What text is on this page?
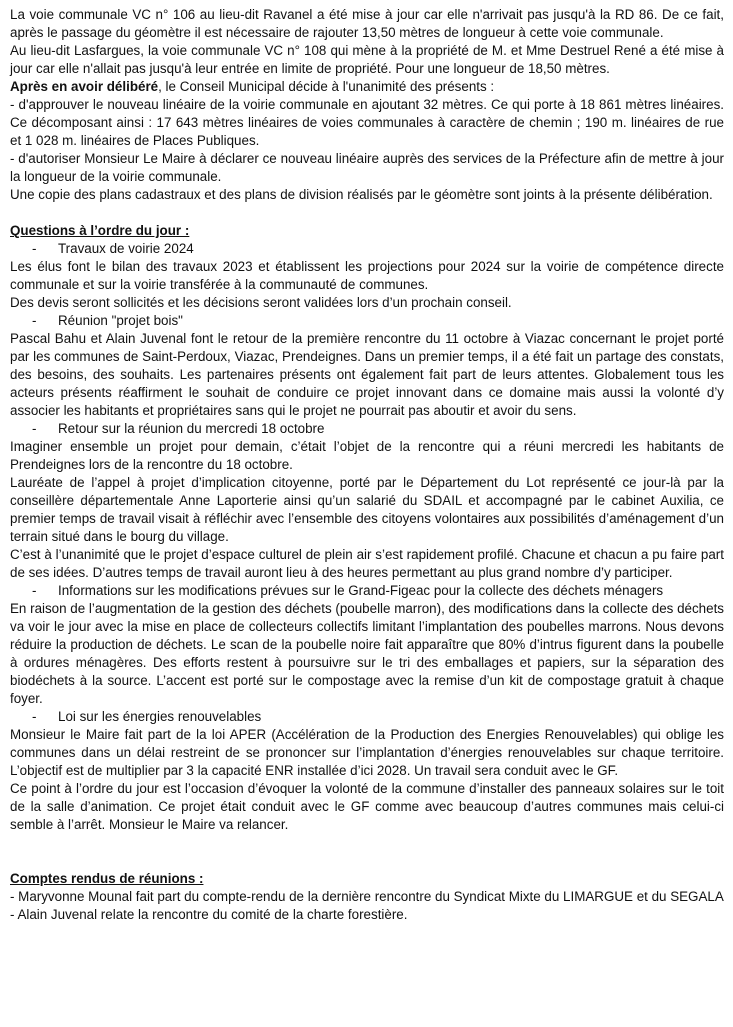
La voie communale VC n° 106 au lieu-dit Ravanel a été mise à jour car elle n'arrivait pas jusqu'à la RD 86. De ce fait, après le passage du géomètre il est nécessaire de rajouter 13,50 mètres de longueur à cette voie communale.

Au lieu-dit Lasfargues, la voie communale VC n° 108 qui mène à la propriété de M. et Mme Destruel René a été mise à jour car elle n'allait pas jusqu'à leur entrée en limite de propriété. Pour une longueur de 18,50 mètres.

Après en avoir délibéré, le Conseil Municipal décide à l'unanimité des présents :

- d'approuver le nouveau linéaire de la voirie communale en ajoutant 32 mètres. Ce qui porte à 18 861 mètres linéaires. Ce décomposant ainsi : 17 643 mètres linéaires de voies communales à caractère de chemin ; 190 m. linéaires de rue et 1 028 m. linéaires de Places Publiques.

- d'autoriser Monsieur Le Maire à déclarer ce nouveau linéaire auprès des services de la Préfecture afin de mettre à jour la longueur de la voirie communale.

Une copie des plans cadastraux et des plans de division réalisés par le géomètre sont joints à la présente délibération.

Questions à l’ordre du jour :

- Travaux de voirie 2024

Les élus font le bilan des travaux 2023 et établissent les projections pour 2024 sur la voirie de compétence directe communale et sur la voirie transférée à la communauté de communes.

Des devis seront sollicités et les décisions seront validées lors d’un prochain conseil.

- Réunion "projet bois"

Pascal Bahu et Alain Juvenal font le retour de la première rencontre du 11 octobre à Viazac concernant le projet porté par les communes de Saint-Perdoux, Viazac, Prendeignes. Dans un premier temps, il a été fait un partage des constats, des besoins, des souhaits. Les partenaires présents ont également fait part de leurs attentes. Globalement tous les acteurs présents réaffirment le souhait de conduire ce projet innovant dans ce domaine mais aussi la volonté d’y associer les habitants et propriétaires sans qui le projet ne pourrait pas aboutir et avoir du sens.

- Retour sur la réunion du mercredi 18 octobre

Imaginer ensemble un projet pour demain, c’était l’objet de la rencontre qui a réuni mercredi les habitants de Prendeignes lors de la rencontre du 18 octobre.

Lauréate de l’appel à projet d’implication citoyenne, porté par le Département du Lot représenté ce jour-là par la conseillère départementale Anne Laporterie ainsi qu’un salarié du SDAIL et accompagné par le cabinet Auxilia, ce premier temps de travail visait à réfléchir avec l’ensemble des citoyens volontaires aux possibilités d’aménagement d’un terrain situé dans le bourg du village.

C’est à l’unanimité que le projet d’espace culturel de plein air s’est rapidement profilé. Chacune et chacun a pu faire part de ses idées. D’autres temps de travail auront lieu à des heures permettant au plus grand nombre d’y participer.

- Informations sur les modifications prévues sur le Grand-Figeac pour la collecte des déchets ménagers

En raison de l’augmentation de la gestion des déchets (poubelle marron), des modifications dans la collecte des déchets va voir le jour avec la mise en place de collecteurs collectifs limitant l’implantation des poubelles marrons. Nous devons réduire la production de déchets. Le scan de la poubelle noire fait apparaître que 80% d’intrus figurent dans la poubelle à ordures ménagères. Des efforts restent à poursuivre sur le tri des emballages et papiers, sur la séparation des biodéchets à la source. L’accent est porté sur le compostage avec la remise d’un kit de compostage gratuit à chaque foyer.

- Loi sur les énergies renouvelables

Monsieur le Maire fait part de la loi APER (Accélération de la Production des Energies Renouvelables) qui oblige les communes dans un délai restreint de se prononcer sur l’implantation d’énergies renouvelables sur chaque territoire. L’objectif est de multiplier par 3 la capacité ENR installée d’ici 2028. Un travail sera conduit avec le GF.

Ce point à l’ordre du jour est l’occasion d’évoquer la volonté de la commune d’installer des panneaux solaires sur le toit de la salle d’animation. Ce projet était conduit avec le GF comme avec beaucoup d’autres communes mais celui-ci semble à l’arrêt. Monsieur le Maire va relancer.

Comptes rendus de réunions :

- Maryvonne Mounal fait part du compte-rendu de la dernière rencontre du Syndicat Mixte du LIMARGUE et du SEGALA

- Alain Juvenal relate la rencontre du comité de la charte forestière.
